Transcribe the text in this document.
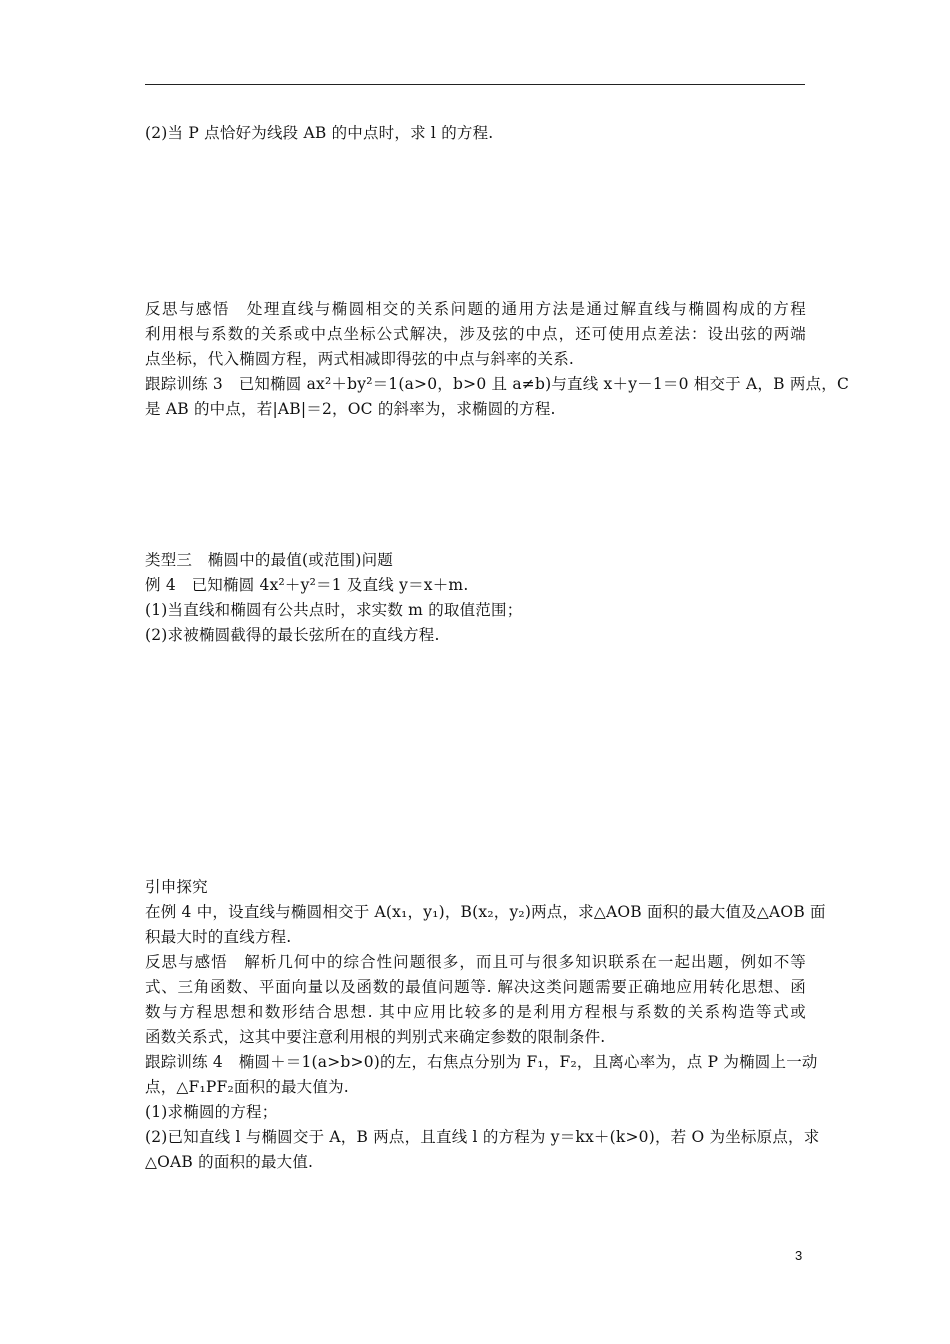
(2)当 P 点恰好为线段 AB 的中点时，求 l 的方程.
反思与感悟　处理直线与椭圆相交的关系问题的通用方法是通过解直线与椭圆构成的方程
利用根与系数的关系或中点坐标公式解决，涉及弦的中点，还可使用点差法：设出弦的两端
点坐标，代入椭圆方程，两式相减即得弦的中点与斜率的关系.
跟踪训练 3　已知椭圆 ax²＋by²＝1(a>0，b>0 且 a≠b)与直线 x＋y－1＝0 相交于 A，B 两点，C
是 AB 的中点，若|AB|＝2，OC 的斜率为，求椭圆的方程.
类型三　椭圆中的最值(或范围)问题
例 4　已知椭圆 4x²＋y²＝1 及直线 y＝x＋m.
(1)当直线和椭圆有公共点时，求实数 m 的取值范围；
(2)求被椭圆截得的最长弦所在的直线方程.
引申探究
在例 4 中，设直线与椭圆相交于 A(x₁，y₁)，B(x₂，y₂)两点，求△AOB 面积的最大值及△AOB 面
积最大时的直线方程.
反思与感悟　解析几何中的综合性问题很多，而且可与很多知识联系在一起出题，例如不等
式、三角函数、平面向量以及函数的最值问题等. 解决这类问题需要正确地应用转化思想、函
数与方程思想和数形结合思想. 其中应用比较多的是利用方程根与系数的关系构造等式或
函数关系式，这其中要注意利用根的判别式来确定参数的限制条件.
跟踪训练 4　椭圆＋＝1(a>b>0)的左，右焦点分别为 F₁，F₂，且离心率为，点 P 为椭圆上一动
点，△F₁PF₂面积的最大值为.
(1)求椭圆的方程；
(2)已知直线 l 与椭圆交于 A，B 两点，且直线 l 的方程为 y＝kx＋(k>0)，若 O 为坐标原点，求
△OAB 的面积的最大值.
3
